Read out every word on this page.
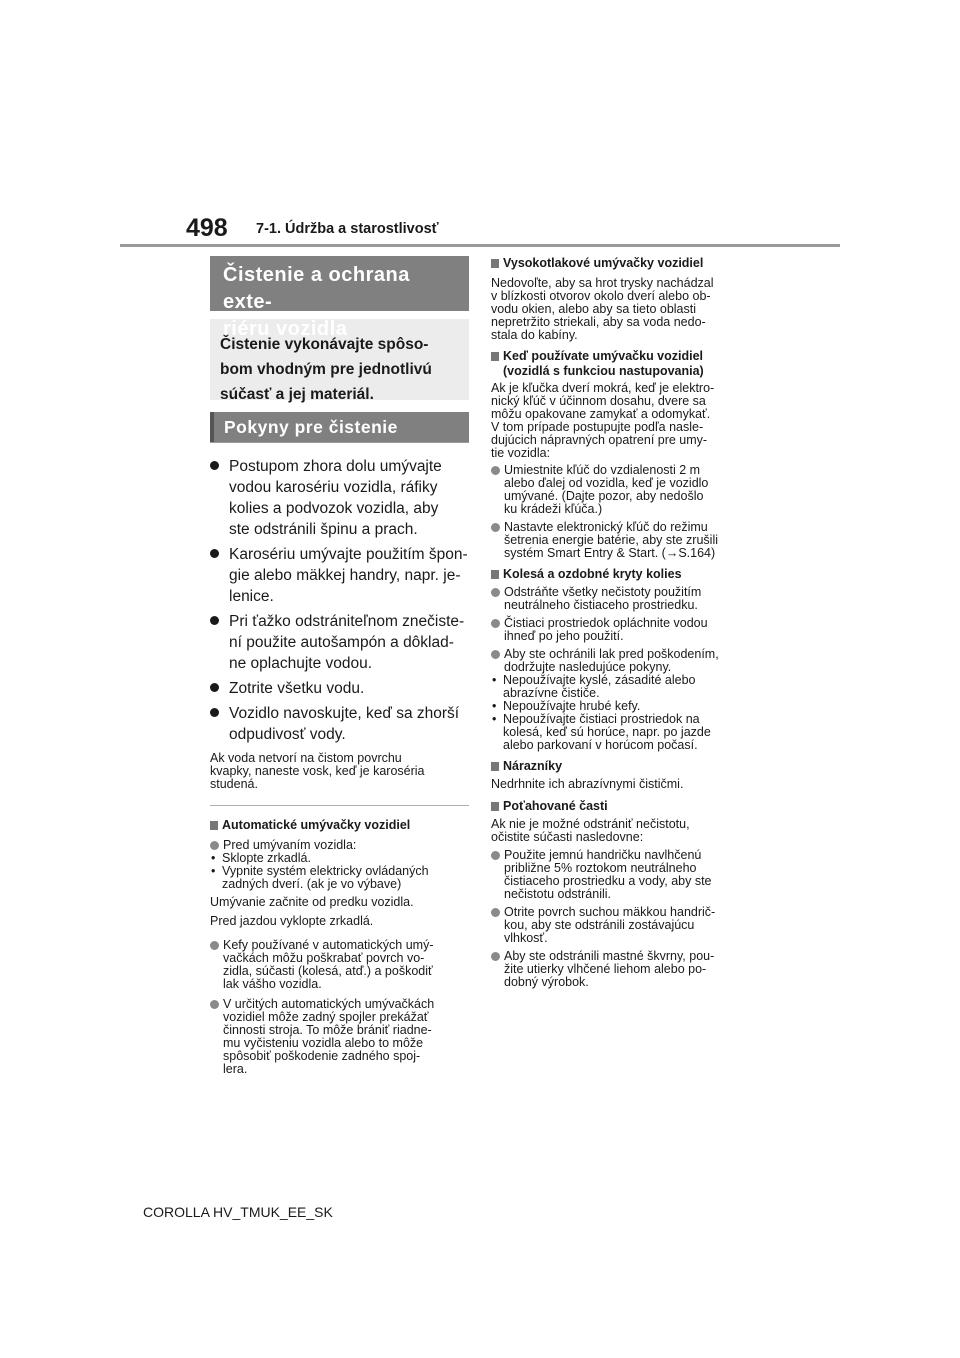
498 7-1. Údržba a starostlivosť
Čistenie a ochrana exte-
riéru vozidla

Čistenie vykonávajte spôso-

bom vhodným pre jednotlivú

súčasť a jej materiál.

Pokyny pre čistenie
Postupom zhora dolu umývajte
vodou karosériu vozidla, ráfiky
kolies a podvozok vozidla, aby
ste odstránili špinu a prach.
Karosériu umývajte použitím špon-
gie alebo mäkkej handry, napr. je-
lenice.
Pri ťažko odstrániteľnom znečiste-
ní použite autošampón a dôklad-
ne oplachujte vodou.
Zotrite všetku vodu.
Vozidlo navoskujte, keď sa zhorší
odpudivosť vody.
Ak voda netvorí na čistom povrchu
kvapky, naneste vosk, keď je karoséria
studená.
Automatické umývačky vozidiel
Pred umývaním vozidla:
• Sklopte zrkadlá.
• Vypnite systém elektricky ovládaných
zadných dverí. (ak je vo výbave)
Umývanie začnite od predku vozidla.
Pred jazdou vyklopte zrkadlá.
Kefy používané v automatických umý-
vačkách môžu poškrabať povrch vo-
zidla, súčasti (kolesá, atď.) a poškodiť
lak vášho vozidla.
V určitých automatických umývačkách
vozidiel môže zadný spojler prekážať
činnosti stroja. To môže brániť riadne-
mu vyčisteniu vozidla alebo to môže
spôsobiť poškodenie zadného spoj-
lera.
Vysokotlakové umývačky vozidiel
Nedovoľte, aby sa hrot trysky nachádzal
v blízkosti otvorov okolo dverí alebo ob-
vodu okien, alebo aby sa tieto oblasti
nepretržito striekali, aby sa voda nedo-
stala do kabíny.
Keď používate umývačku vozidiel
(vozidlá s funkciou nastupovania)
Ak je kľučka dverí mokrá, keď je elektro-
nický kľúč v účinnom dosahu, dvere sa
môžu opakovane zamykať a odomykať.
V tom prípade postupujte podľa nasle-
dujúcich nápravných opatrení pre umy-
tie vozidla:
Umiestnite kľúč do vzdialenosti 2 m
alebo ďalej od vozidla, keď je vozidlo
umývané. (Dajte pozor, aby nedošlo
ku krádeži kľúča.)
Nastavte elektronický kľúč do režimu
šetrenia energie batérie, aby ste zrušili
systém Smart Entry & Start. (→S.164)
Kolesá a ozdobné kryty kolies
Odstráňte všetky nečistoty použitím
neutrálneho čistiaceho prostriedku.
Čistiaci prostriedok opláchnite vodou
ihneď po jeho použití.
Aby ste ochránili lak pred poškodením,
dodržujte nasledujúce pokyny.
• Nepoužívajte kyslé, zásadité alebo
abrazívne čističe.
• Nepoužívajte hrubé kefy.
• Nepoužívajte čistiaci prostriedok na
kolesá, keď sú horúce, napr. po jazde
alebo parkovaní v horúcom počasí.
Nárazníky
Nedrhnite ich abrazívnymi čističmi.
Poťahované časti
Ak nie je možné odstrániť nečistotu,
očistite súčasti nasledovne:
Použite jemnú handričku navlhčenú
približne 5% roztokom neutrálneho
čistiaceho prostriedku a vody, aby ste
nečistotu odstránili.
Otrite povrch suchou mäkkou handrič-
kou, aby ste odstránili zostávajúcu
vlhkosť.
Aby ste odstránili mastné škvrny, pou-
žite utierky vlhčené liehom alebo po-
dobný výrobok.
COROLLA HV_TMUK_EE_SK
